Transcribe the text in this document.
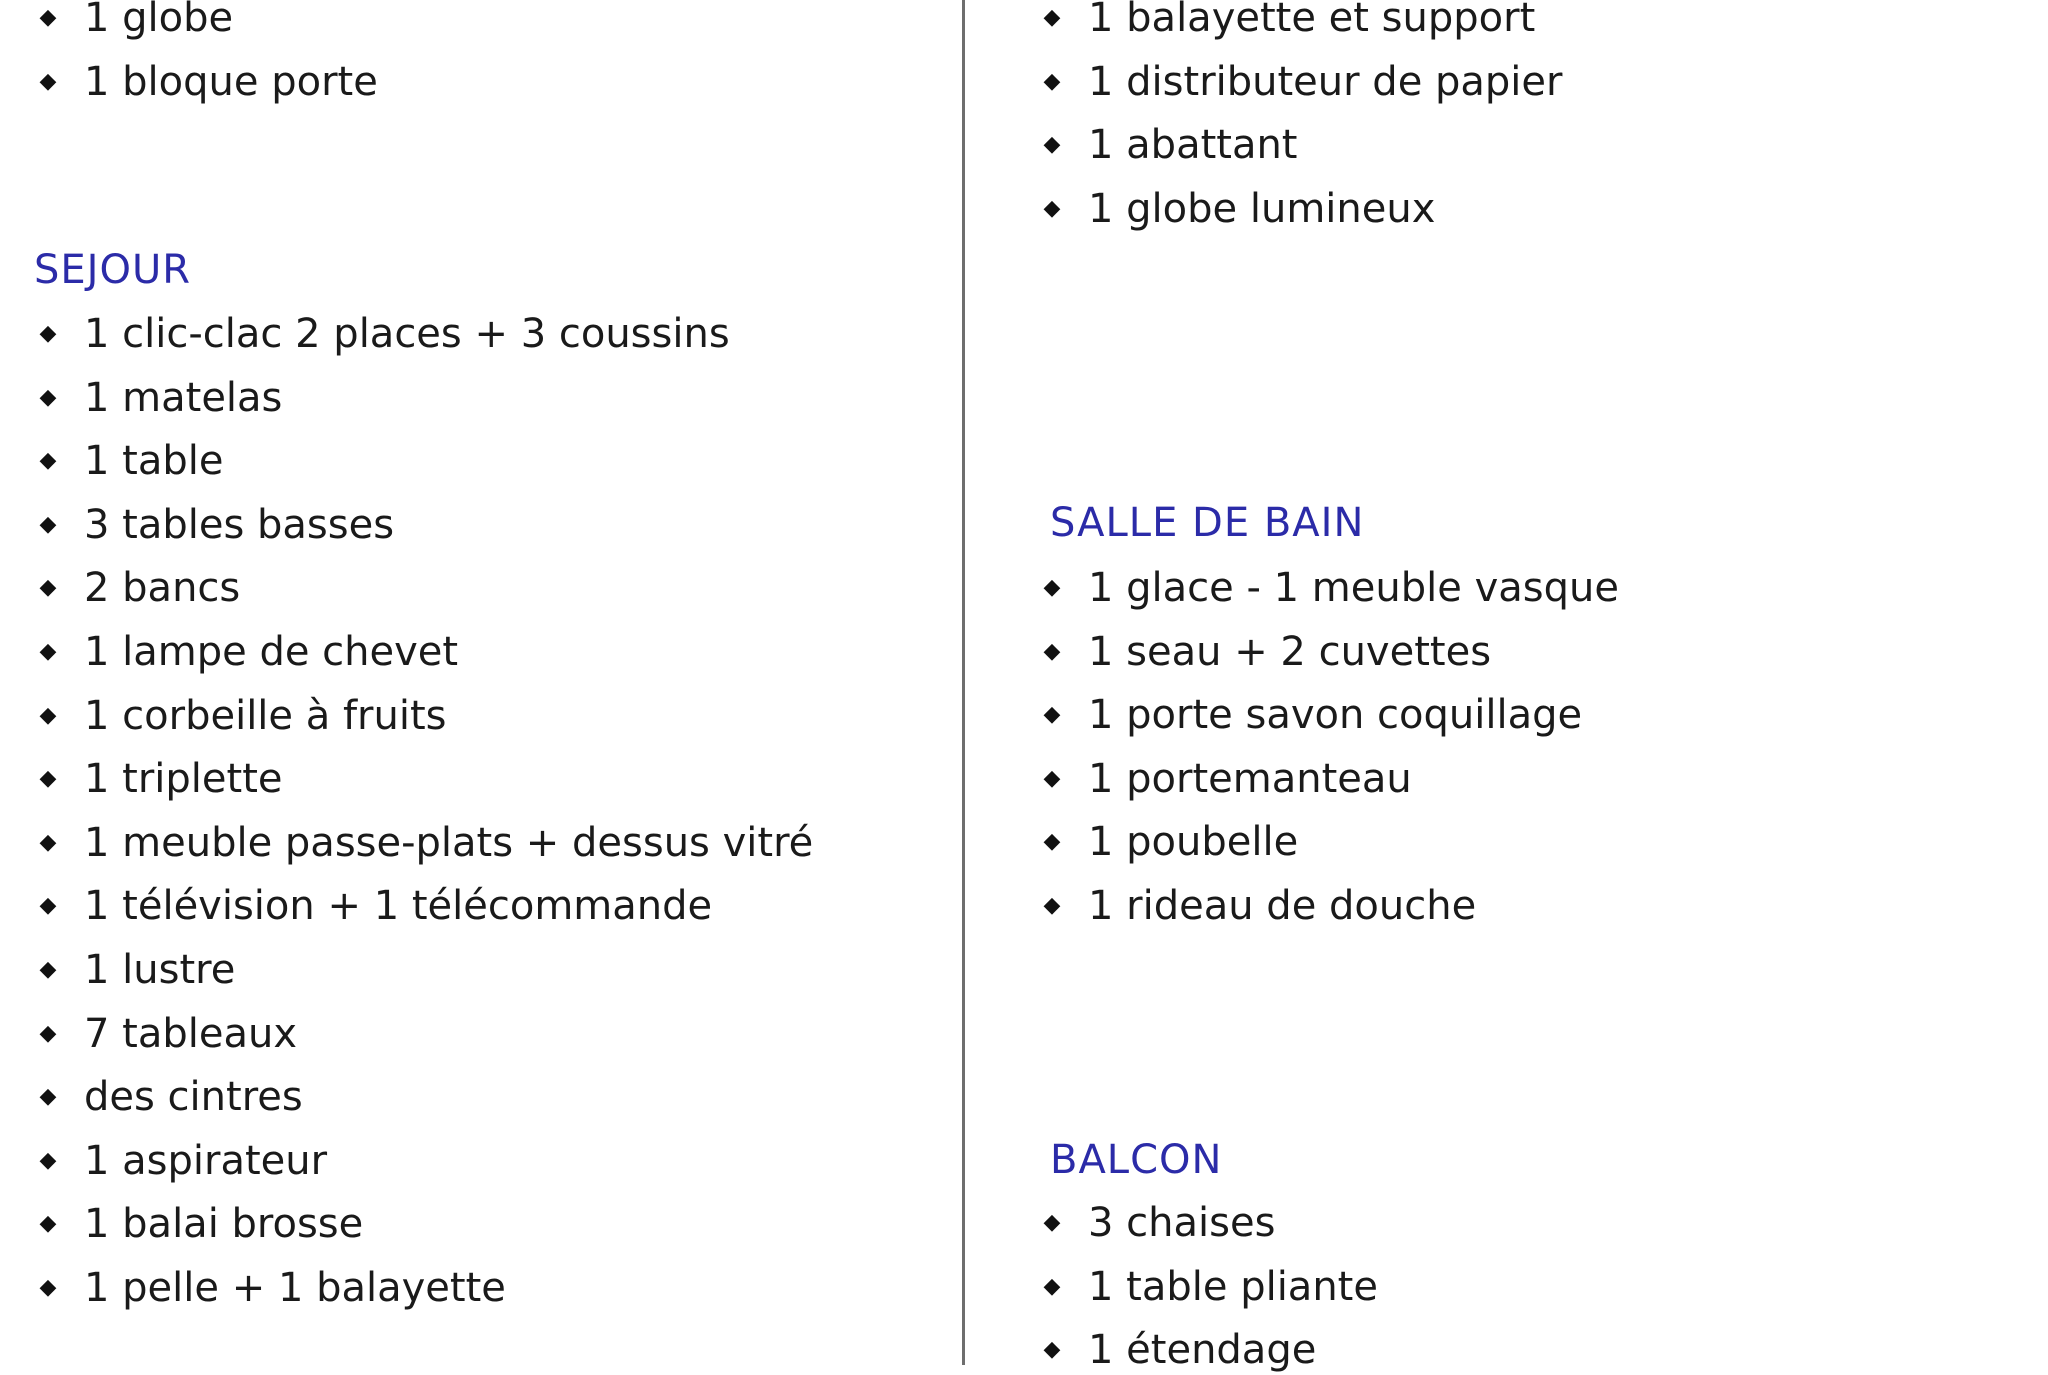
◆ 1 globe
◆ 1 bloque porte
SEJOUR
◆ 1 clic-clac 2 places + 3 coussins
◆ 1 matelas
◆ 1 table
◆ 3 tables basses
◆ 2 bancs
◆ 1 lampe de chevet
◆ 1 corbeille à fruits
◆ 1 triplette
◆ 1 meuble passe-plats + dessus vitré
◆ 1 télévision + 1 télécommande
◆ 1 lustre
◆ 7 tableaux
◆ des cintres
◆ 1 aspirateur
◆ 1 balai brosse
◆ 1 pelle + 1 balayette
◆ 1 balayette et support
◆ 1 distributeur de papier
◆ 1 abattant
◆ 1 globe lumineux
SALLE DE BAIN
◆ 1 glace - 1 meuble vasque
◆ 1 seau + 2 cuvettes
◆ 1 porte savon coquillage
◆ 1 portemanteau
◆ 1 poubelle
◆ 1 rideau de douche
BALCON
◆ 3 chaises
◆ 1 table pliante
◆ 1 étendage
